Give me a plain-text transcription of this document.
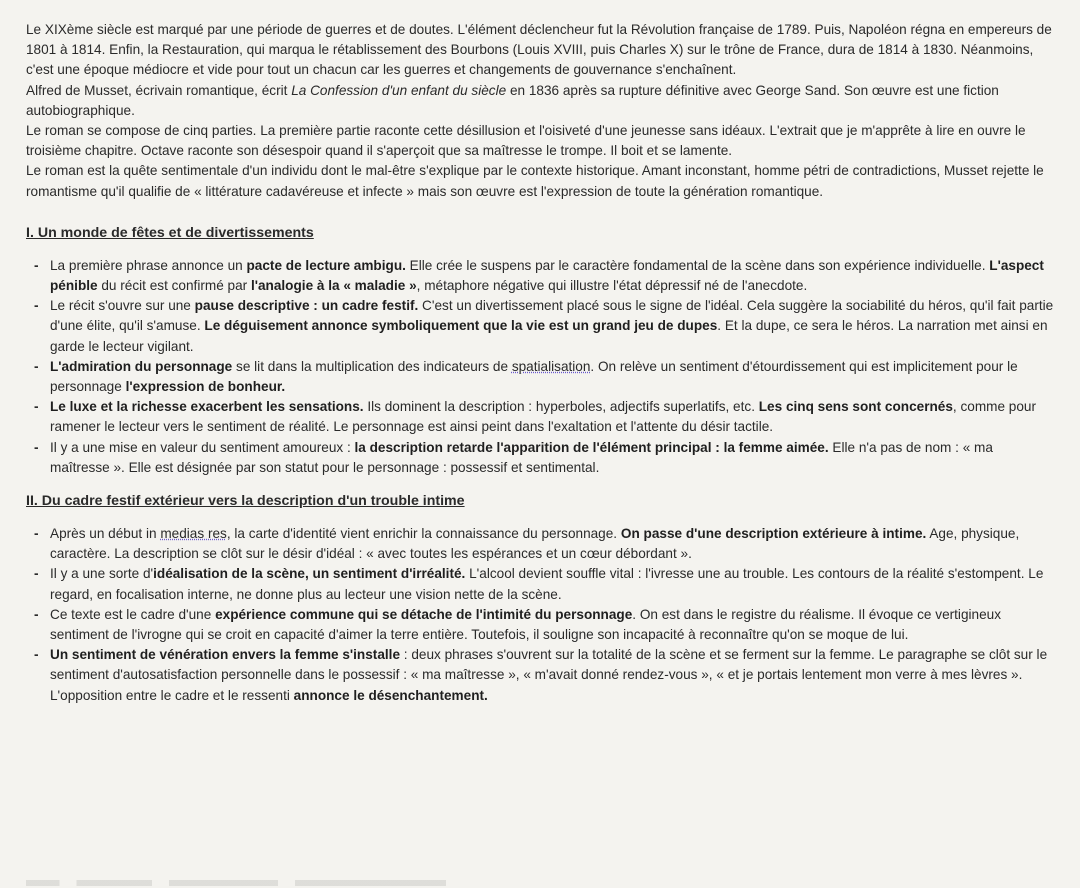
Le XIXème siècle est marqué par une période de guerres et de doutes. L'élément déclencheur fut la Révolution française de 1789. Puis, Napoléon régna en empereurs de 1801 à 1814. Enfin, la Restauration, qui marqua le rétablissement des Bourbons (Louis XVIII, puis Charles X) sur le trône de France, dura de 1814 à 1830. Néanmoins, c'est une époque médiocre et vide pour tout un chacun car les guerres et changements de gouvernance s'enchaînent.

Alfred de Musset, écrivain romantique, écrit La Confession d'un enfant du siècle en 1836 après sa rupture définitive avec George Sand. Son œuvre est une fiction autobiographique.

Le roman se compose de cinq parties. La première partie raconte cette désillusion et l'oisiveté d'une jeunesse sans idéaux. L'extrait que je m'apprête à lire en ouvre le troisième chapitre. Octave raconte son désespoir quand il s'aperçoit que sa maîtresse le trompe. Il boit et se lamente.

Le roman est la quête sentimentale d'un individu dont le mal-être s'explique par le contexte historique. Amant inconstant, homme pétri de contradictions, Musset rejette le romantisme qu'il qualifie de « littérature cadavéreuse et infecte » mais son œuvre est l'expression de toute la génération romantique.

I. Un monde de fêtes et de divertissements
- La première phrase annonce un pacte de lecture ambigu. Elle crée le suspens par le caractère fondamental de la scène dans son expérience individuelle. L'aspect pénible du récit est confirmé par l'analogie à la « maladie », métaphore négative qui illustre l'état dépressif né de l'anecdote.
- Le récit s'ouvre sur une pause descriptive : un cadre festif. C'est un divertissement placé sous le signe de l'idéal. Cela suggère la sociabilité du héros, qu'il fait partie d'une élite, qu'il s'amuse. Le déguisement annonce symboliquement que la vie est un grand jeu de dupes. Et la dupe, ce sera le héros. La narration met ainsi en garde le lecteur vigilant.
- L'admiration du personnage se lit dans la multiplication des indicateurs de spatialisation. On relève un sentiment d'étourdissement qui est implicitement pour le personnage l'expression de bonheur.
- Le luxe et la richesse exacerbent les sensations. Ils dominent la description : hyperboles, adjectifs superlatifs, etc. Les cinq sens sont concernés, comme pour ramener le lecteur vers le sentiment de réalité. Le personnage est ainsi peint dans l'exaltation et l'attente du désir tactile.
- Il y a une mise en valeur du sentiment amoureux : la description retarde l'apparition de l'élément principal : la femme aimée. Elle n'a pas de nom : « ma maîtresse ». Elle est désignée par son statut pour le personnage : possessif et sentimental.
II. Du cadre festif extérieur vers la description d'un trouble intime
- Après un début in medias res, la carte d'identité vient enrichir la connaissance du personnage. On passe d'une description extérieure à intime. Age, physique, caractère. La description se clôt sur le désir d'idéal : « avec toutes les espérances et un cœur débordant ».
- Il y a une sorte d'idéalisation de la scène, un sentiment d'irréalité. L'alcool devient souffle vital : l'ivresse une au trouble. Les contours de la réalité s'estompent. Le regard, en focalisation interne, ne donne plus au lecteur une vision nette de la scène.
- Ce texte est le cadre d'une expérience commune qui se détache de l'intimité du personnage. On est dans le registre du réalisme. Il évoque ce vertigineux sentiment de l'ivrogne qui se croit en capacité d'aimer la terre entière. Toutefois, il souligne son incapacité à reconnaître qu'on se moque de lui.
- Un sentiment de vénération envers la femme s'installe : deux phrases s'ouvrent sur la totalité de la scène et se ferment sur la femme. Le paragraphe se clôt sur le sentiment d'autosatisfaction personnelle dans le possessif : « ma maîtresse », « m'avait donné rendez-vous », « et je portais lentement mon verre à mes lèvres ». L'opposition entre le cadre et le ressenti annonce le désenchantement.
